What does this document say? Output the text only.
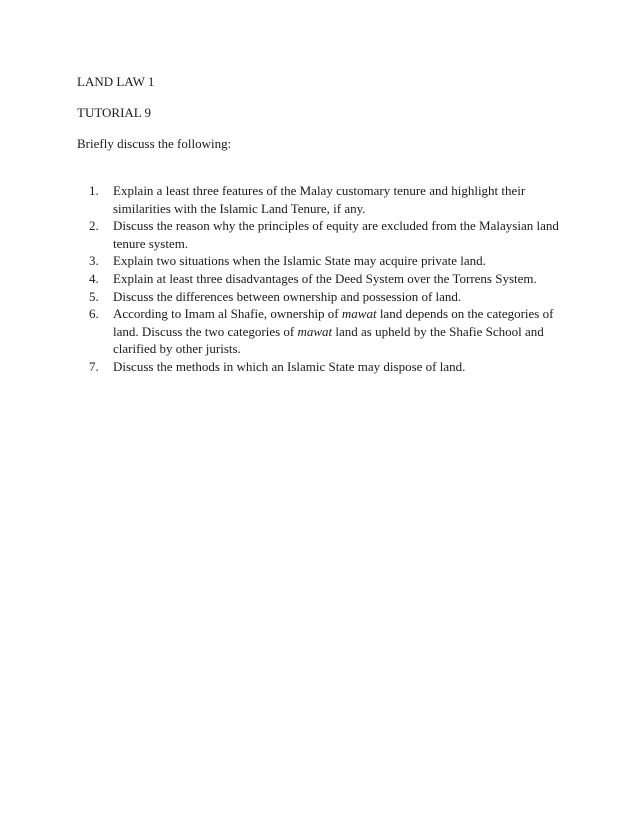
LAND LAW 1

TUTORIAL 9

Briefly discuss the following:

1.	Explain a least three features of the Malay customary tenure and highlight their
similarities with the Islamic Land Tenure, if any.
2.	Discuss the reason why the principles of equity are excluded from the Malaysian land
tenure system.
3.	Explain two situations when the Islamic State may acquire private land.
4.	Explain at least three disadvantages of the Deed System over the Torrens System.
5.	Discuss the differences between ownership and possession of land.
6.	According to Imam al Shafie, ownership of mawat land depends on the categories of
land. Discuss the two categories of mawat land as upheld by the Shafie School and
clarified by other jurists.
7.	Discuss the methods in which an Islamic State may dispose of land.
